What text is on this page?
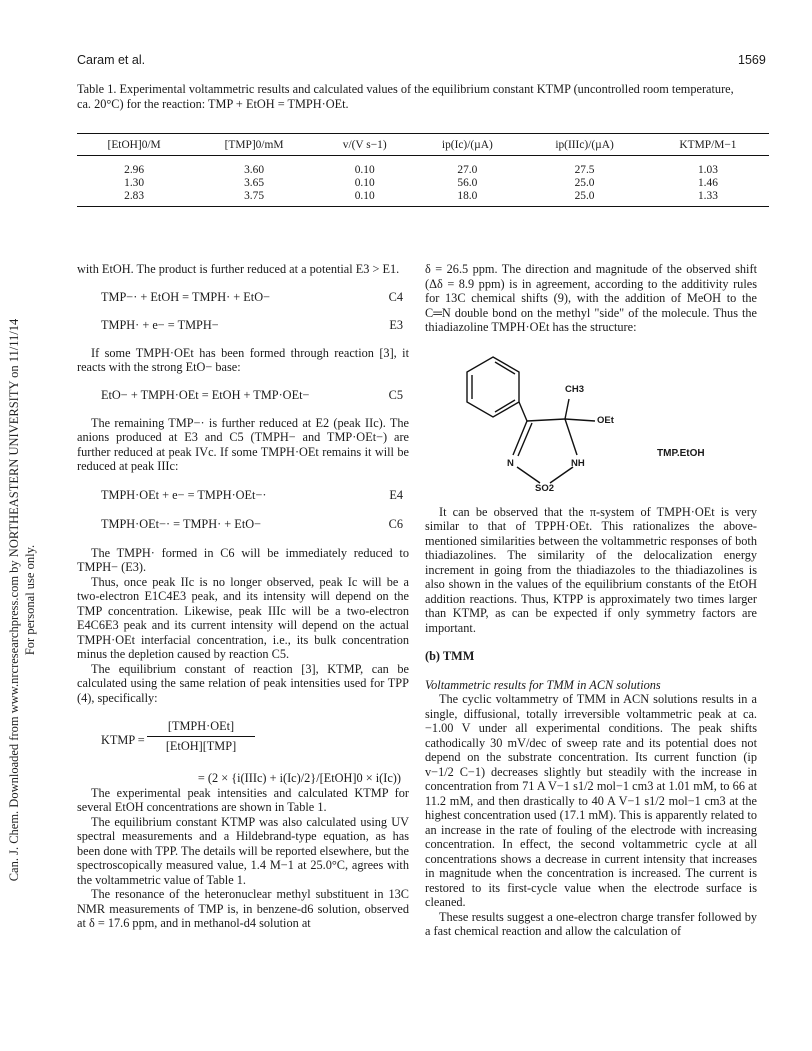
Can. J. Chem. Downloaded from www.nrcresearchpress.com by NORTHEASTERN UNIVERSITY on 11/11/14 For personal use only.
Caram et al.	1569
Table 1. Experimental voltammetric results and calculated values of the equilibrium constant KTMP (uncontrolled room temperature, ca. 20°C) for the reaction: TMP + EtOH = TMPH·OEt.
[EtOH]0/M	[TMP]0/mM	v/(V s−1)	ip(Ic)/(µA)	ip(IIIc)/(µA)	KTMP/M−1
2.96	3.60	0.10	27.0	27.5	1.03
1.30	3.65	0.10	56.0	25.0	1.46
2.83	3.75	0.10	18.0	25.0	1.33

with EtOH. The product is further reduced at a potential E3 > E1.

TMP−· + EtOH = TMPH· + EtO−	C4
TMPH· + e− = TMPH−	E3

If some TMPH·OEt has been formed through reaction [3], it reacts with the strong EtO− base:

EtO− + TMPH·OEt = EtOH + TMP·OEt−	C5

The remaining TMP−· is further reduced at E2 (peak IIc). The anions produced at E3 and C5 (TMPH− and TMP·OEt−) are further reduced at peak IVc. If some TMPH·OEt remains it will be reduced at peak IIIc:

TMPH·OEt + e− = TMPH·OEt−·	E4
TMPH·OEt−· = TMPH· + EtO−	C6

The TMPH· formed in C6 will be immediately reduced to TMPH− (E3).

Thus, once peak IIc is no longer observed, peak Ic will be a two-electron E1C4E3 peak, and its intensity will depend on the TMP concentration. Likewise, peak IIIc will be a two-electron E4C6E3 peak and its current intensity will depend on the actual TMPH·OEt interfacial concentration, i.e., its bulk concentration minus the depletion caused by reaction C5.

The equilibrium constant of reaction [3], KTMP, can be calculated using the same relation of peak intensities used for TPP (4), specifically:

KTMP =
[TMPH·OEt]
[EtOH][TMP]

= (2 × {i(IIIc) + i(Ic)/2}/[EtOH]0 × i(Ic))

The experimental peak intensities and calculated KTMP for several EtOH concentrations are shown in Table 1.

The equilibrium constant KTMP was also calculated using UV spectral measurements and a Hildebrand-type equation, as has been done with TPP. The details will be reported elsewhere, but the spectroscopically measured value, 1.4 M−1 at 25.0°C, agrees with the voltammetric value of Table 1.

The resonance of the heteronuclear methyl substituent in 13C NMR measurements of TMP is, in benzene-d6 solution, observed at δ = 17.6 ppm, and in methanol-d4 solution at

δ = 26.5 ppm. The direction and magnitude of the observed shift (Δδ = 8.9 ppm) is in agreement, according to the additivity rules for 13C chemical shifts (9), with the addition of MeOH to the C═N double bond on the methyl "side" of the molecule. Thus the thiadiazoline TMPH·OEt has the structure:

CH3
OEt
N	NH
SO2
TMP.EtOH

It can be observed that the π-system of TMPH·OEt is very similar to that of TPPH·OEt. This rationalizes the above-mentioned similarities between the voltammetric responses of both thiadiazolines. The similarity of the delocalization energy increment in going from the thiadiazoles to the thiadiazolines is also shown in the values of the equilibrium constants of the EtOH addition reactions. Thus, KTPP is approximately two times larger than KTMP, as can be expected if only symmetry factors are important.

(b) TMM

Voltammetric results for TMM in ACN solutions

The cyclic voltammetry of TMM in ACN solutions results in a single, diffusional, totally irreversible voltammetric peak at ca. −1.00 V under all experimental conditions. The peak shifts cathodically 30 mV/dec of sweep rate and its potential does not depend on the substrate concentration. Its current function (ip v−1/2 C−1) decreases slightly but steadily with the increase in concentration from 71 A V−1 s1/2 mol−1 cm3 at 1.01 mM, to 66 at 11.2 mM, and then drastically to 40 A V−1 s1/2 mol−1 cm3 at the highest concentration used (17.1 mM). This is apparently related to an increase in the rate of fouling of the electrode with increasing concentration. In effect, the second voltammetric cycle at all concentrations shows a decrease in current intensity that increases in magnitude when the concentration is increased. The current is restored to its first-cycle value when the electrode surface is cleaned.

These results suggest a one-electron charge transfer followed by a fast chemical reaction and allow the calculation of
